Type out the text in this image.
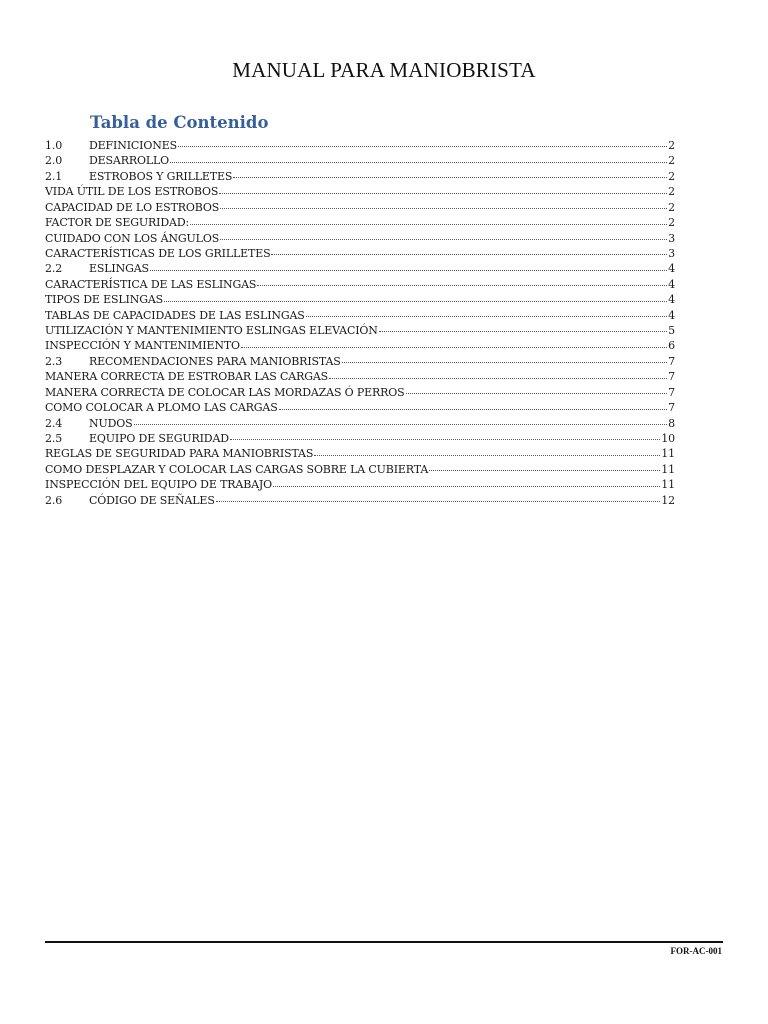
MANUAL PARA MANIOBRISTA
Tabla de Contenido
1.0	DEFINICIONES	2
2.0	DESARROLLO	2
2.1	ESTROBOS Y GRILLETES	2
VIDA ÚTIL DE LOS ESTROBOS	2
CAPACIDAD DE LO ESTROBOS	2
FACTOR DE SEGURIDAD:	2
CUIDADO CON LOS ÁNGULOS	3
CARACTERÍSTICAS DE LOS GRILLETES	3
2.2	ESLINGAS	4
CARACTERÍSTICA DE LAS ESLINGAS	4
TIPOS DE ESLINGAS	4
TABLAS DE CAPACIDADES DE LAS ESLINGAS	4
UTILIZACIÓN Y MANTENIMIENTO ESLINGAS ELEVACIÓN	5
INSPECCIÓN Y MANTENIMIENTO	6
2.3	RECOMENDACIONES PARA MANIOBRISTAS	7
MANERA CORRECTA DE ESTROBAR LAS CARGAS	7
MANERA CORRECTA DE COLOCAR LAS MORDAZAS Ó PERROS	7
COMO COLOCAR A PLOMO LAS CARGAS	7
2.4	NUDOS	8
2.5	EQUIPO DE SEGURIDAD	10
REGLAS DE SEGURIDAD PARA MANIOBRISTAS	11
COMO DESPLAZAR Y COLOCAR LAS CARGAS SOBRE LA CUBIERTA	11
INSPECCIÓN DEL EQUIPO DE TRABAJO	11
2.6	CÓDIGO DE SEÑALES	12
FOR-AC-001
